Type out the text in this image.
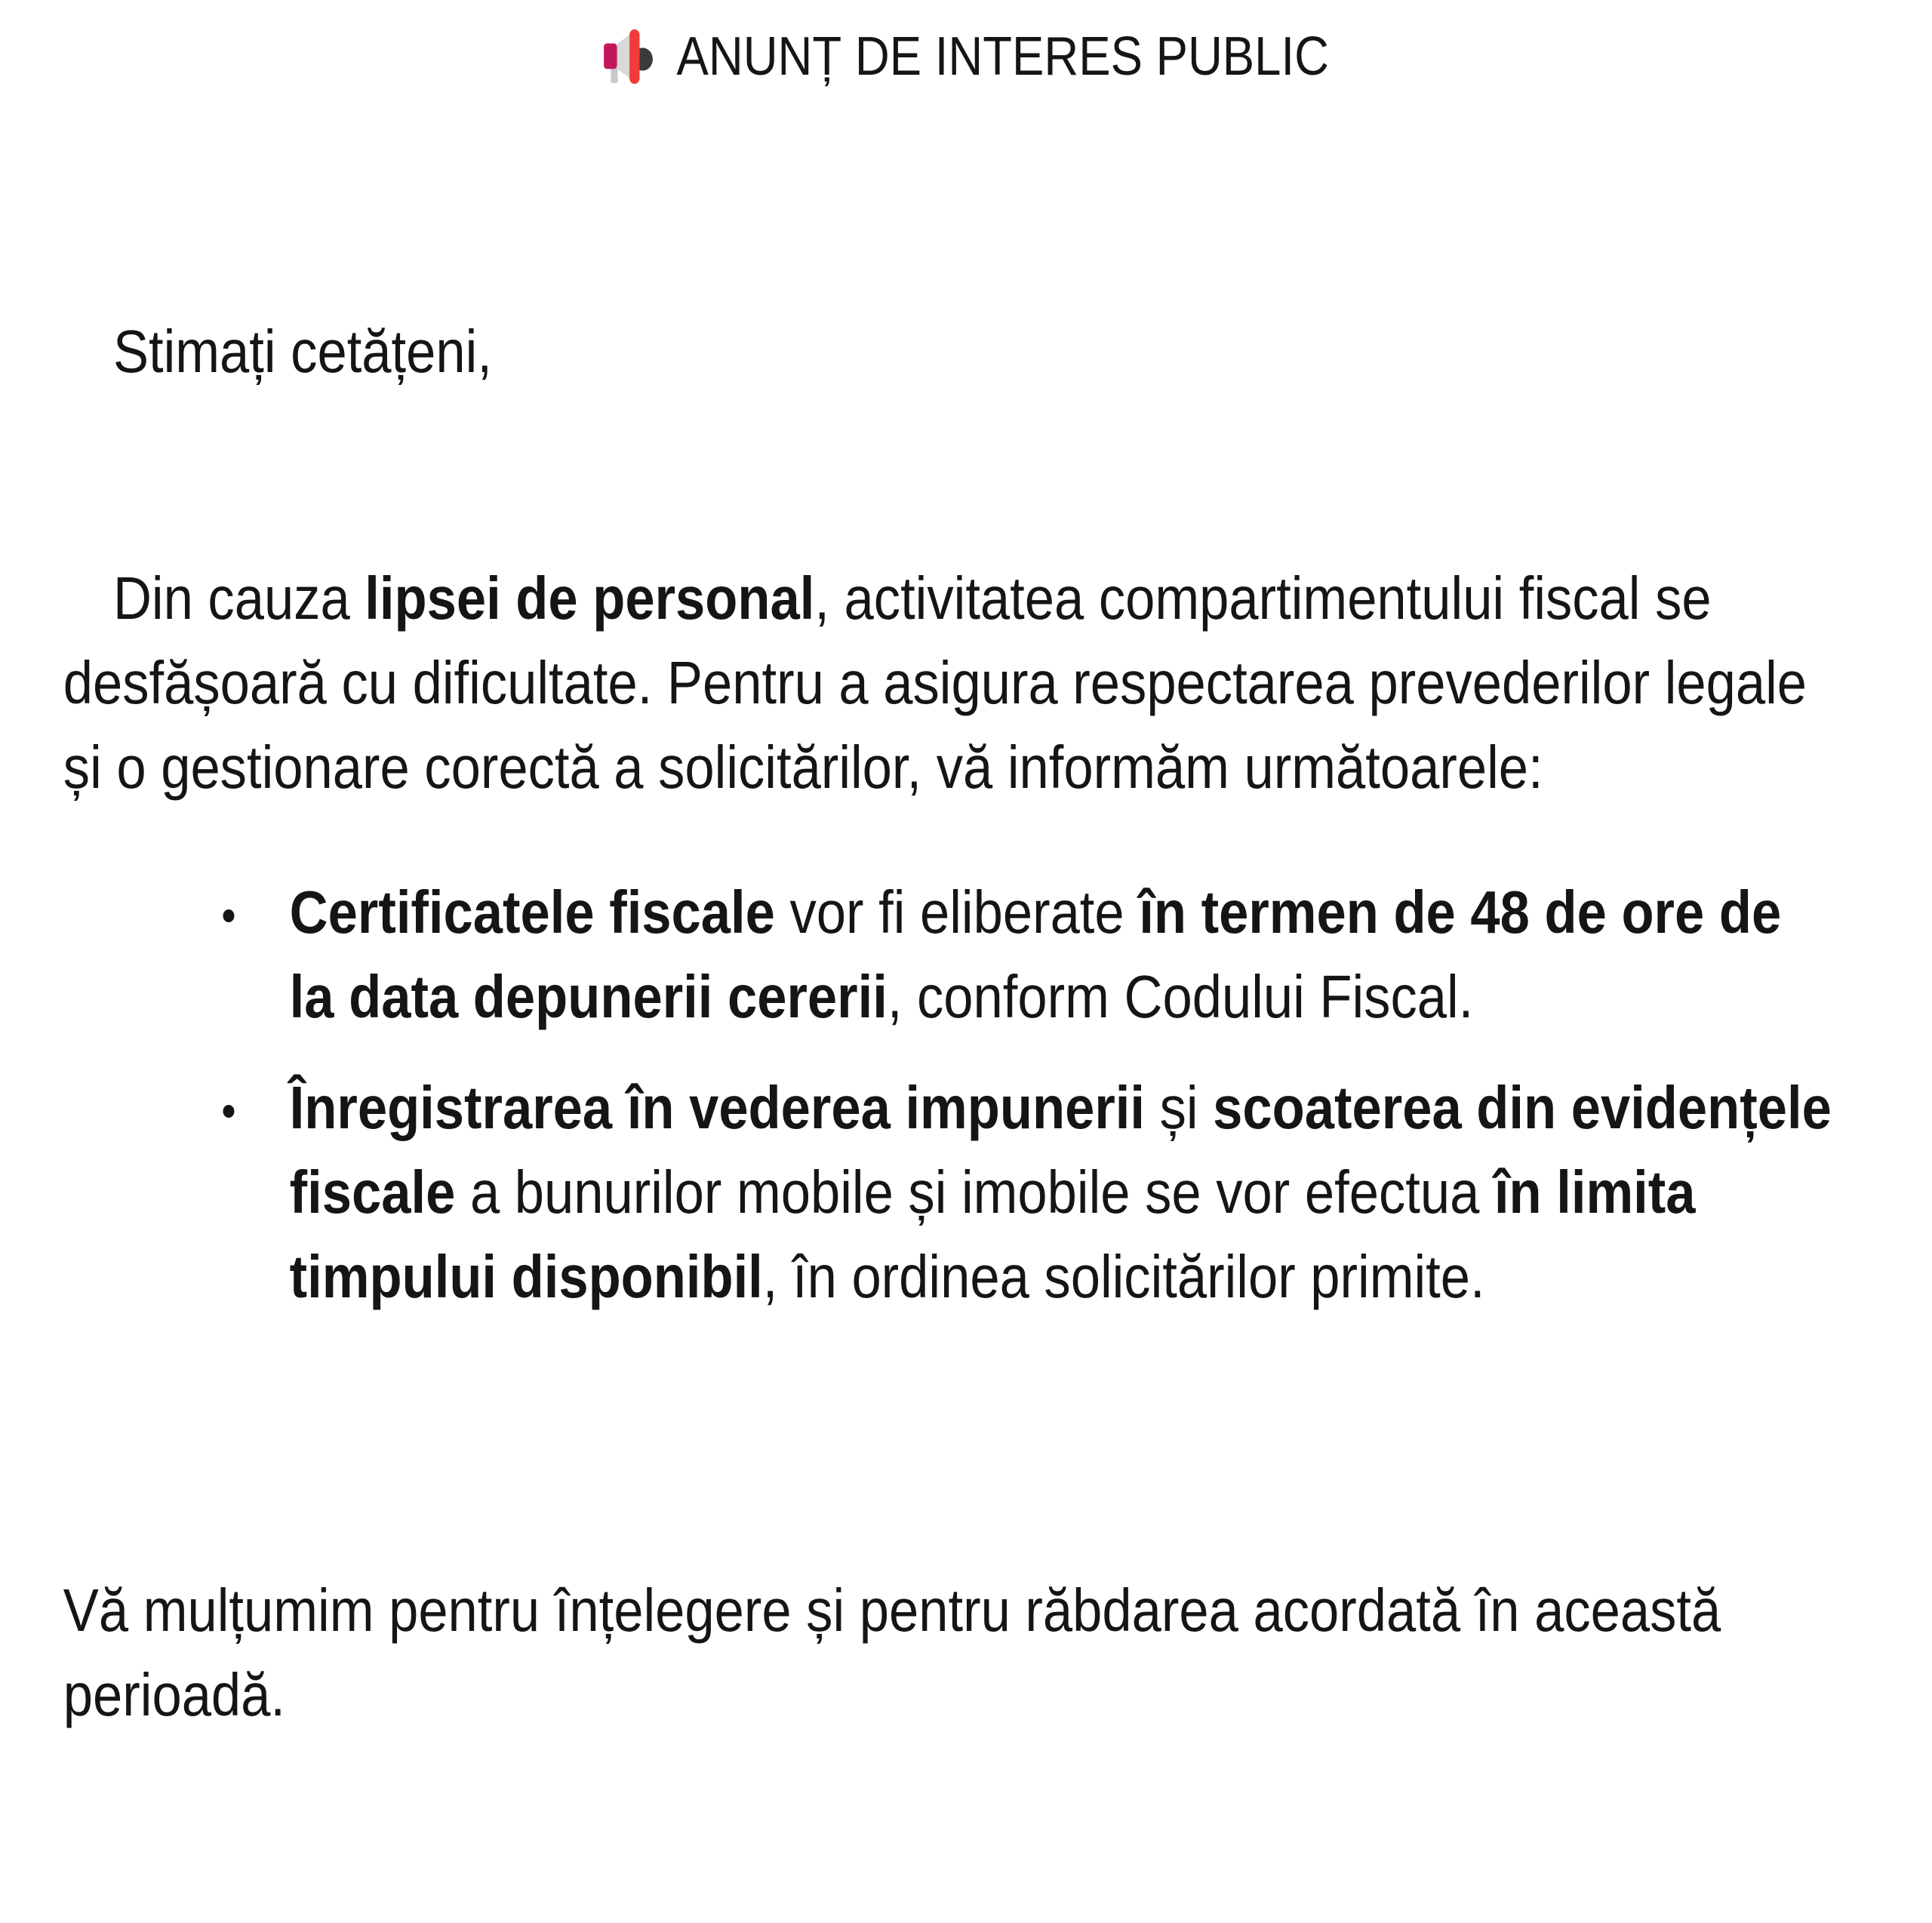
ANUNȚ DE INTERES PUBLIC

Stimați cetățeni,

Din cauza lipsei de personal, activitatea compartimentului fiscal se desfășoară cu dificultate. Pentru a asigura respectarea prevederilor legale și o gestionare corectă a solicitărilor, vă informăm următoarele:

Certificatele fiscale vor fi eliberate în termen de 48 de ore de la data depunerii cererii, conform Codului Fiscal.
Înregistrarea în vederea impunerii și scoaterea din evidențele fiscale a bunurilor mobile și imobile se vor efectua în limita timpului disponibil, în ordinea solicitărilor primite.

Vă mulțumim pentru înțelegere și pentru răbdarea acordată în această perioadă.
